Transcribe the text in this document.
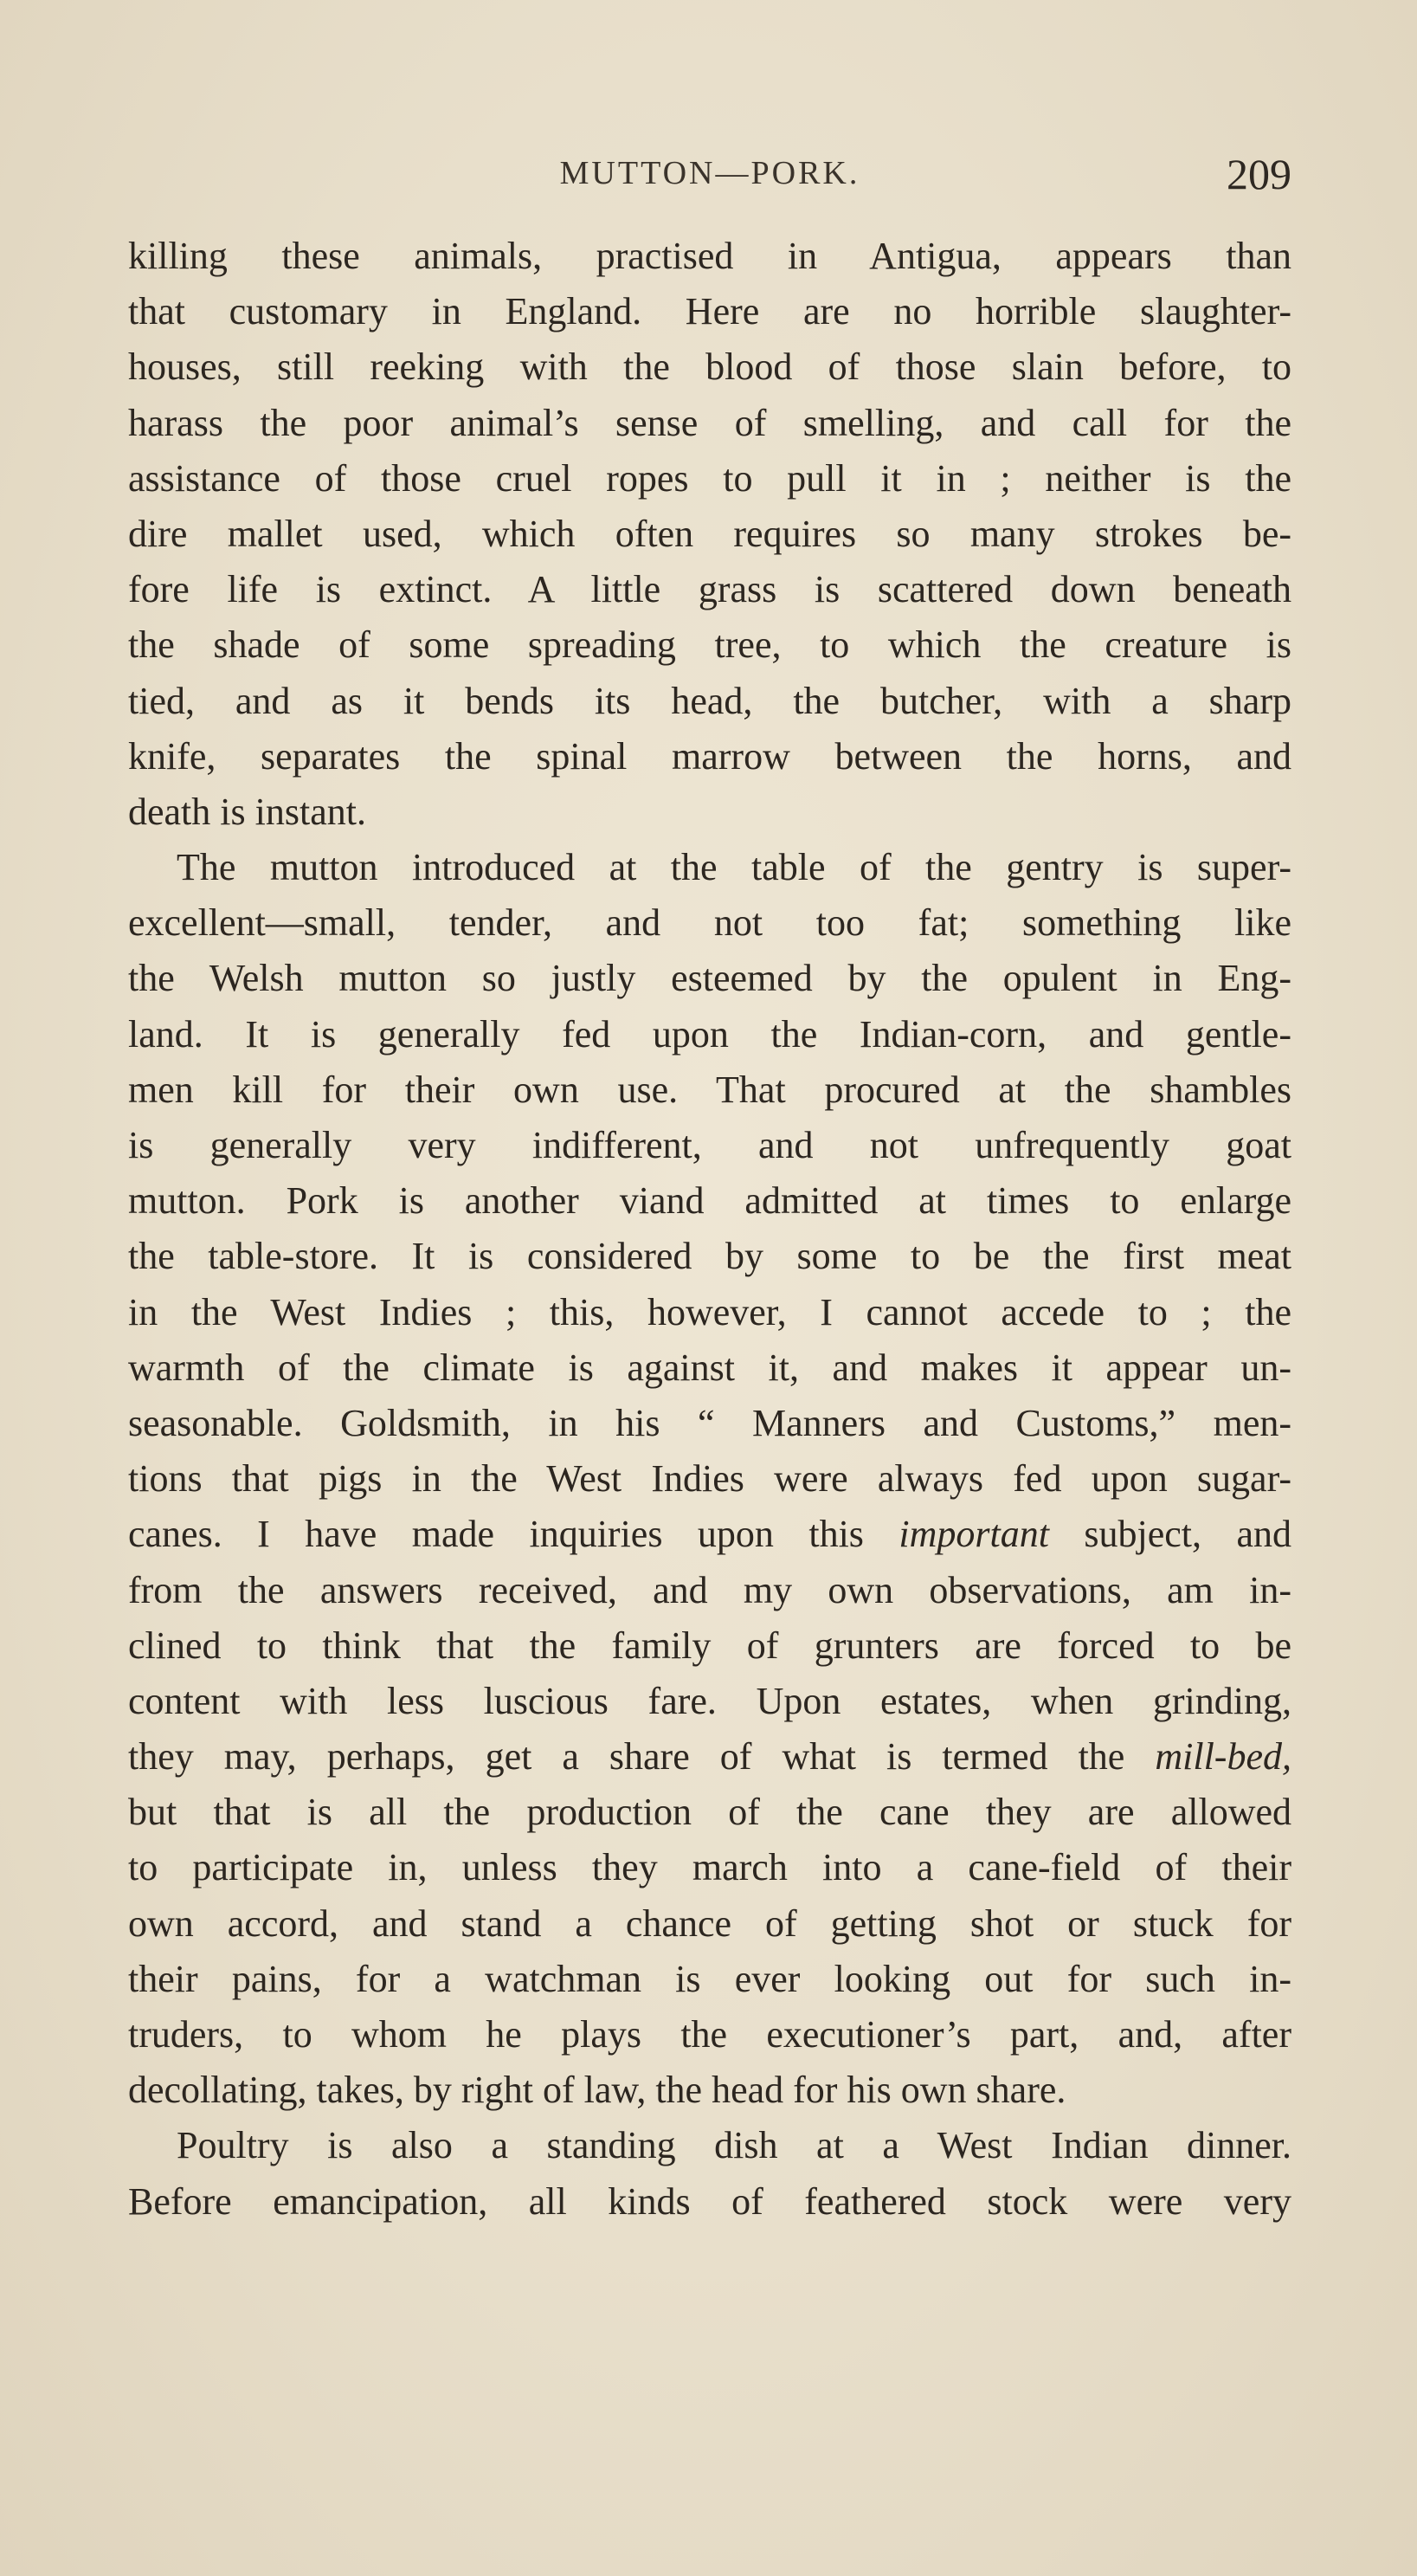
MUTTON—PORK.	209
killing these animals, practised in Antigua, appears than
that customary in England. Here are no horrible slaughter-
houses, still reeking with the blood of those slain before, to
harass the poor animal’s sense of smelling, and call for the
assistance of those cruel ropes to pull it in ; neither is the
dire mallet used, which often requires so many strokes be-
fore life is extinct. A little grass is scattered down beneath
the shade of some spreading tree, to which the creature is
tied, and as it bends its head, the butcher, with a sharp
knife, separates the spinal marrow between the horns, and
death is instant.
The mutton introduced at the table of the gentry is super-
excellent—small, tender, and not too fat; something like
the Welsh mutton so justly esteemed by the opulent in Eng-
land. It is generally fed upon the Indian-corn, and gentle-
men kill for their own use. That procured at the shambles
is generally very indifferent, and not unfrequently goat
mutton. Pork is another viand admitted at times to enlarge
the table-store. It is considered by some to be the first meat
in the West Indies ; this, however, I cannot accede to ; the
warmth of the climate is against it, and makes it appear un-
seasonable. Goldsmith, in his “ Manners and Customs,” men-
tions that pigs in the West Indies were always fed upon sugar-
canes. I have made inquiries upon this important subject, and
from the answers received, and my own observations, am in-
clined to think that the family of grunters are forced to be
content with less luscious fare. Upon estates, when grinding,
they may, perhaps, get a share of what is termed the mill-bed,
but that is all the production of the cane they are allowed
to participate in, unless they march into a cane-field of their
own accord, and stand a chance of getting shot or stuck for
their pains, for a watchman is ever looking out for such in-
truders, to whom he plays the executioner’s part, and, after
decollating, takes, by right of law, the head for his own share.
Poultry is also a standing dish at a West Indian dinner.
Before emancipation, all kinds of feathered stock were very
